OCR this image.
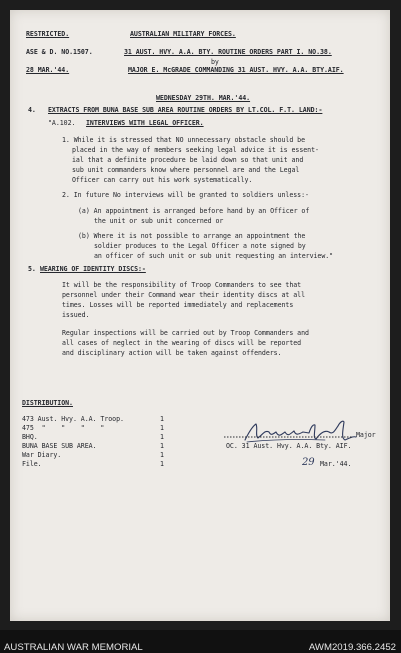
RESTRICTED.	AUSTRALIAN MILITARY FORCES.
ASE & D. NO.1507.	31 AUST. HVY. A.A. BTY. ROUTINE ORDERS PART I. NO.38.
by
28 MAR.'44.	MAJOR E. McGRADE COMMANDING 31 AUST. HVY. A.A. BTY.AIF.
WEDNESDAY 29TH. MAR.'44.
4. EXTRACTS FROM BUNA BASE SUB AREA ROUTINE ORDERS BY LT.COL. F.T. LAND:-
"A.102. INTERVIEWS WITH LEGAL OFFICER.
1. While it is stressed that NO unnecessary obstacle should be
placed in the way of members seeking legal advice it is essent-
ial that a definite procedure be laid down so that unit and
sub unit commanders know where personnel are and the Legal
Officer can carry out his work systematically.
2. In future No interviews will be granted to soldiers unless:-
(a) An appointment is arranged before hand by an Officer of
the unit or sub unit concerned or
(b) Where it is not possible to arrange an appointment the
soldier produces to the Legal Officer a note signed by
an officer of such unit or sub unit requesting an interview."
5. WEARING OF IDENTITY DISCS:-
It will be the responsibility of Troop Commanders to see that
personnel under their Command wear their identity discs at all
times. Losses will be reported immediately and replacements
issued.
Regular inspections will be carried out by Troop Commanders and
all cases of neglect in the wearing of discs will be reported
and disciplinary action will be taken against offenders.
DISTRIBUTION.
473 Aust. Hvy. A.A. Troop.	1
475  "    "    "    "	1
BHQ.	1
BUNA BASE SUB AREA.	1
War Diary.	1
File.	1
Major
OC. 31 Aust. Hvy. A.A. Bty. AIF.
29 Mar.'44.
AUSTRALIAN WAR MEMORIAL	AWM2019.366.2452
